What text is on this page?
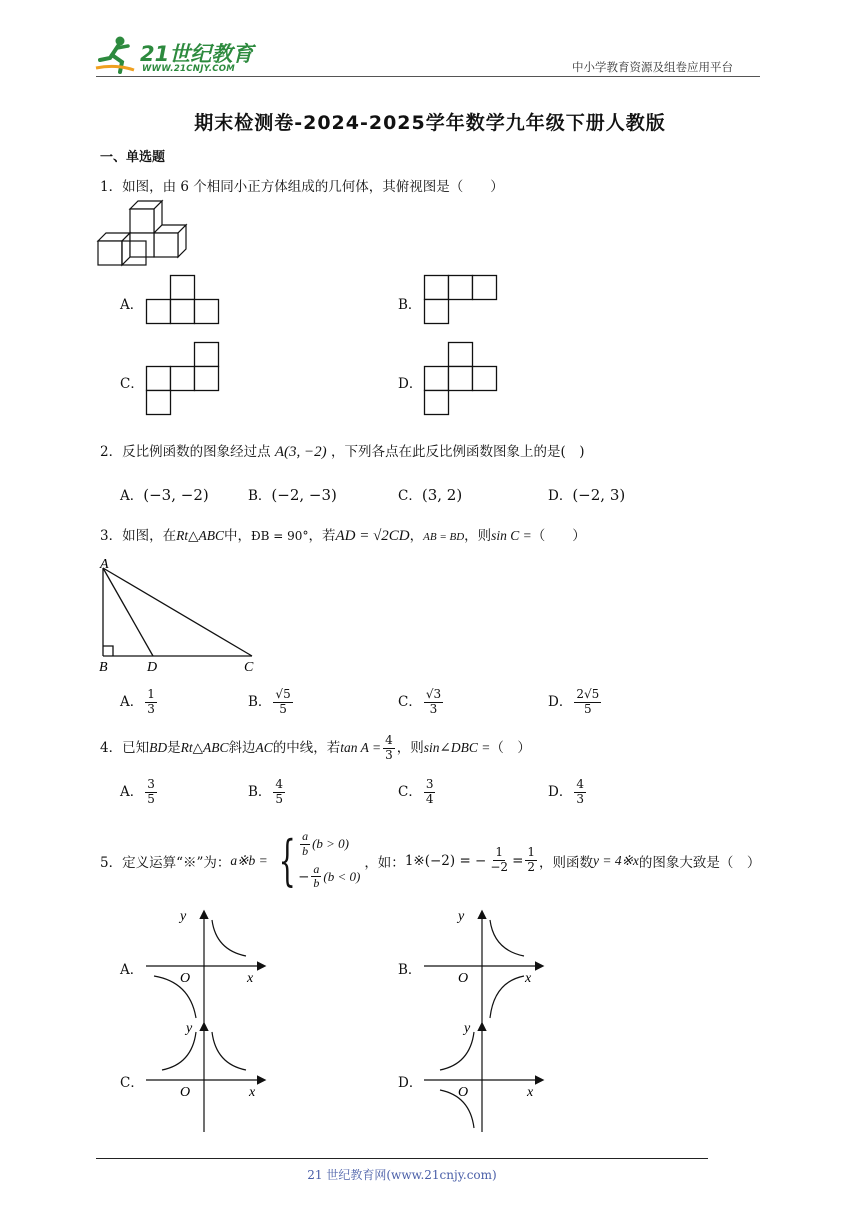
21世纪教育
WWW.21CNJY.COM	中小学教育资源及组卷应用平台
期末检测卷-2024-2025学年数学九年级下册人教版
一、单选题
1．如图，由 6 个相同小正方体组成的几何体，其俯视图是（　　）
A．	B．
C．	D．
2．反比例函数的图象经过点 A(3, −2) ，下列各点在此反比例函数图象上的是(　)
A．(−3, −2)	B．(−2, −3)	C．(3, 2)	D．(−2, 3)
3．如图，在Rt△ABC中，ÐB = 90°，若AD = √2CD，AB = BD，则sin C =（　　）
A
B	D	C
A． $\frac{1}{3}$	B． $\frac{√5}{5}$	C． $\frac{√3}{3}$	D． $\frac{2√5}{5}$
4．已知BD是Rt△ABC斜边AC的中线，若$\tan A = \frac{4}{3}$ ，则sin∠DBC =（　）
A． $\frac{3}{5}$	B． $\frac{4}{5}$	C． $\frac{3}{4}$	D． $\frac{4}{3}$
5．定义运算“※”为： a※b = { $\frac{a}{b} (b > 0)$
− $\frac{a}{b} (b < 0)$
，如： 1※(−2) = − $\frac{1}{-2} = \frac{1}{2}$ ，则函数 y = 4※x 的图象大致是（　）
A．	B．
C．	D．
y
x
O
y
x
O
y
x
O
y
x
O
21 世纪教育网(www.21cnjy.com)
